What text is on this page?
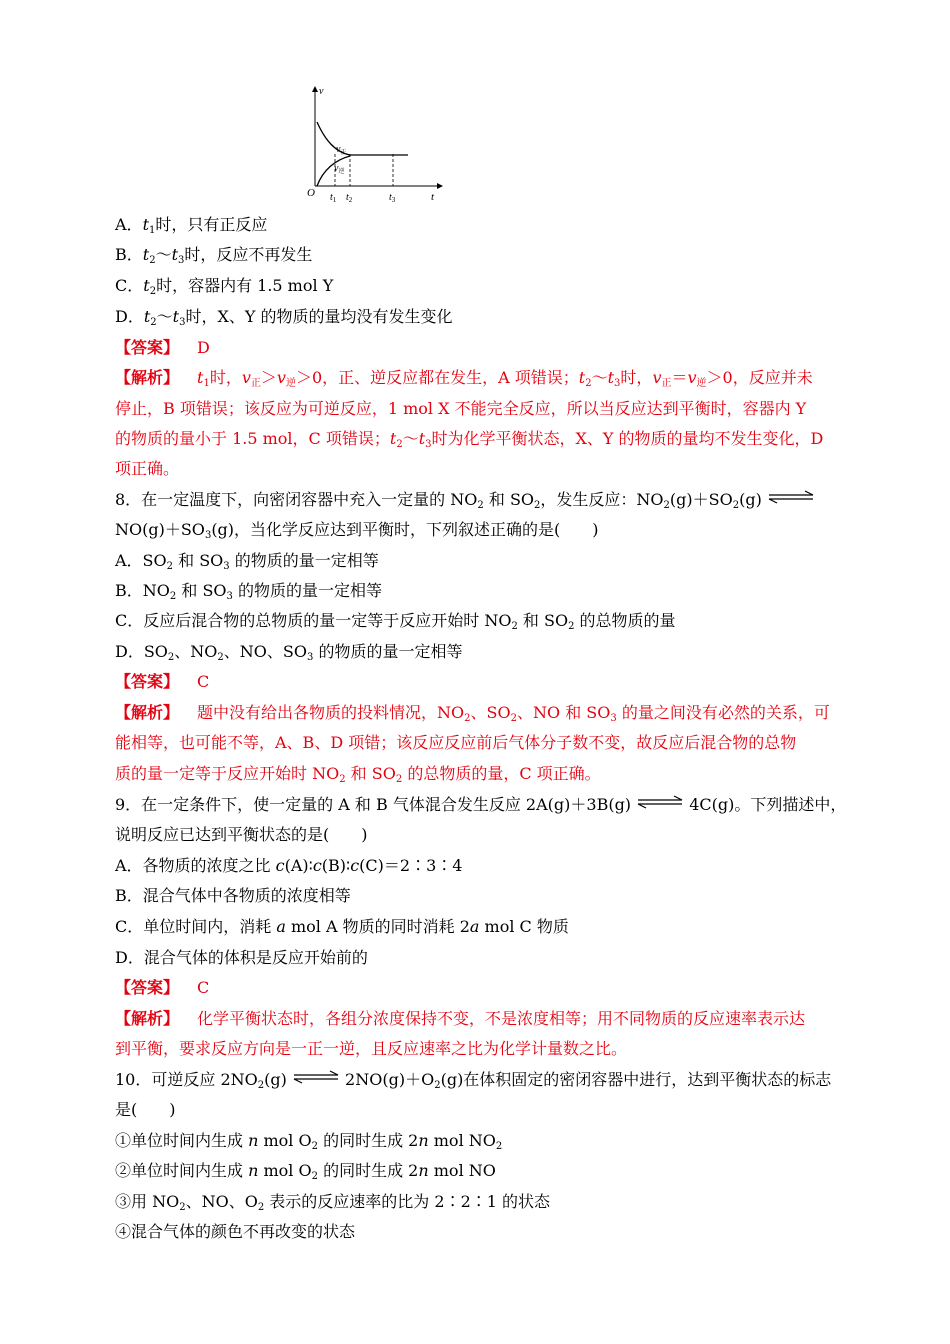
v
t
O $t_1$ $t_2$	$t_3$
$v_正$
$v_逆$
A．$t_1$时，只有正反应
B．$t_2\sim t_3$时，反应不再发生
C．$t_2$时，容器内有 1.5 mol Y
D．$t_2\sim t_3$时，X、Y 的物质的量均没有发生变化
【答案】 D
【解析】 $t_1$时，$v_正>v_逆>0$，正、逆反应都在发生，A 项错误；$t_2\sim t_3$时，$v_正=v_逆>0$，反应并未
停止，B 项错误；该反应为可逆反应，1 mol X 不能完全反应，所以当反应达到平衡时，容器内 Y
的物质的量小于 1.5 mol，C 项错误；$t_2\sim t_3$时为化学平衡状态，X、Y 的物质的量均不发生变化，D
项正确。
8．在一定温度下，向密闭容器中充入一定量的 $NO_2$ 和 $SO_2$，发生反应：$NO_2(g)+SO_2(g)$ ⇌
$NO(g)+SO_3(g)$，当化学反应达到平衡时，下列叙述正确的是(　　)
A．$SO_2$ 和 $SO_3$ 的物质的量一定相等
B．$NO_2$ 和 $SO_3$ 的物质的量一定相等
C．反应后混合物的总物质的量一定等于反应开始时 $NO_2$ 和 $SO_2$ 的总物质的量
D．$SO_2$、$NO_2$、NO、$SO_3$ 的物质的量一定相等
【答案】 C
【解析】 题中没有给出各物质的投料情况，$NO_2$、$SO_2$、NO 和 $SO_3$ 的量之间没有必然的关系，可
能相等，也可能不等，A、B、D 项错；该反应反应前后气体分子数不变，故反应后混合物的总物
质的量一定等于反应开始时 $NO_2$ 和 $SO_2$ 的总物质的量，C 项正确。
9．在一定条件下，使一定量的 A 和 B 气体混合发生反应 2A(g)＋3B(g) ⇌ 4C(g)。下列描述中，
说明反应已达到平衡状态的是(　　)
A．各物质的浓度之比 c(A)∶c(B)∶c(C)＝2∶3∶4
B．混合气体中各物质的浓度相等
C．单位时间内，消耗 a mol A 物质的同时消耗 2a mol C 物质
D．混合气体的体积是反应开始前的
【答案】 C
【解析】 化学平衡状态时，各组分浓度保持不变，不是浓度相等；用不同物质的反应速率表示达
到平衡，要求反应方向是一正一逆，且反应速率之比为化学计量数之比。
10．可逆反应 $2NO_2(g)$ ⇌ $2NO(g)+O_2(g)$在体积固定的密闭容器中进行，达到平衡状态的标志
是(　　)
①单位时间内生成 n mol $O_2$ 的同时生成 2n mol $NO_2$
②单位时间内生成 n mol $O_2$ 的同时生成 2n mol NO
③用 $NO_2$、NO、$O_2$ 表示的反应速率的比为 2∶2∶1 的状态
④混合气体的颜色不再改变的状态
